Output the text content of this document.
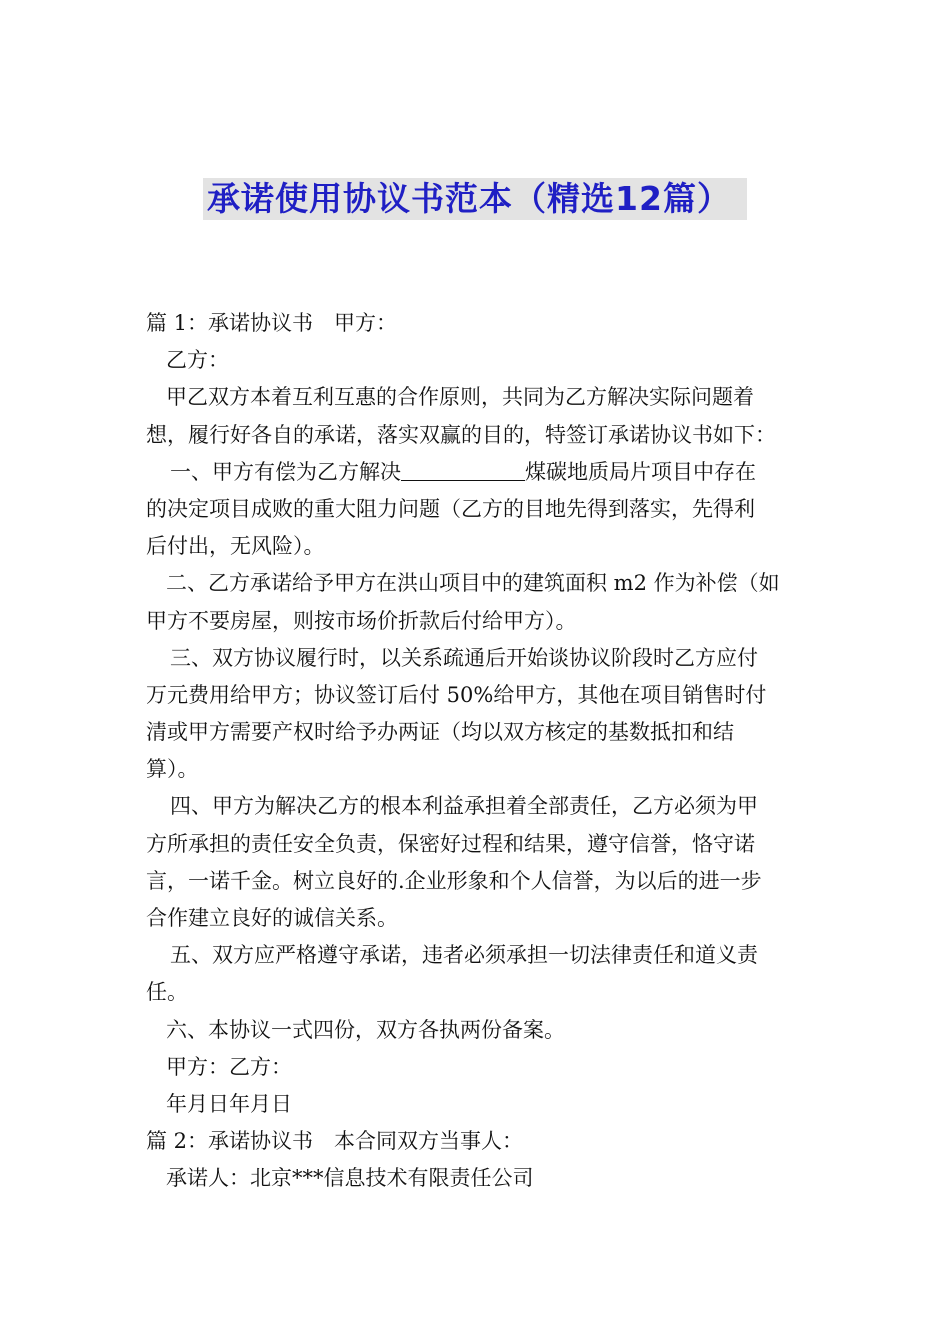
承诺使用协议书范本（精选12篇）
篇 1：承诺协议书　甲方：
乙方：
甲乙双方本着互利互惠的合作原则，共同为乙方解决实际问题着
想，履行好各自的承诺，落实双赢的目的，特签订承诺协议书如下：
一、甲方有偿为乙方解决	煤碳地质局片项目中存在
的决定项目成败的重大阻力问题（乙方的目地先得到落实，先得利
后付出，无风险）。
二、乙方承诺给予甲方在洪山项目中的建筑面积 m2 作为补偿（如
甲方不要房屋，则按市场价折款后付给甲方）。
三、双方协议履行时，以关系疏通后开始谈协议阶段时乙方应付
万元费用给甲方；协议签订后付 50%给甲方，其他在项目销售时付
清或甲方需要产权时给予办两证（均以双方核定的基数抵扣和结
算）。
四、甲方为解决乙方的根本利益承担着全部责任，乙方必须为甲
方所承担的责任安全负责，保密好过程和结果，遵守信誉，恪守诺
言，一诺千金。树立良好的.企业形象和个人信誉，为以后的进一步
合作建立良好的诚信关系。
五、双方应严格遵守承诺，违者必须承担一切法律责任和道义责
任。
六、本协议一式四份，双方各执两份备案。
甲方：乙方：
年月日年月日
篇 2：承诺协议书　本合同双方当事人：
承诺人：北京***信息技术有限责任公司
